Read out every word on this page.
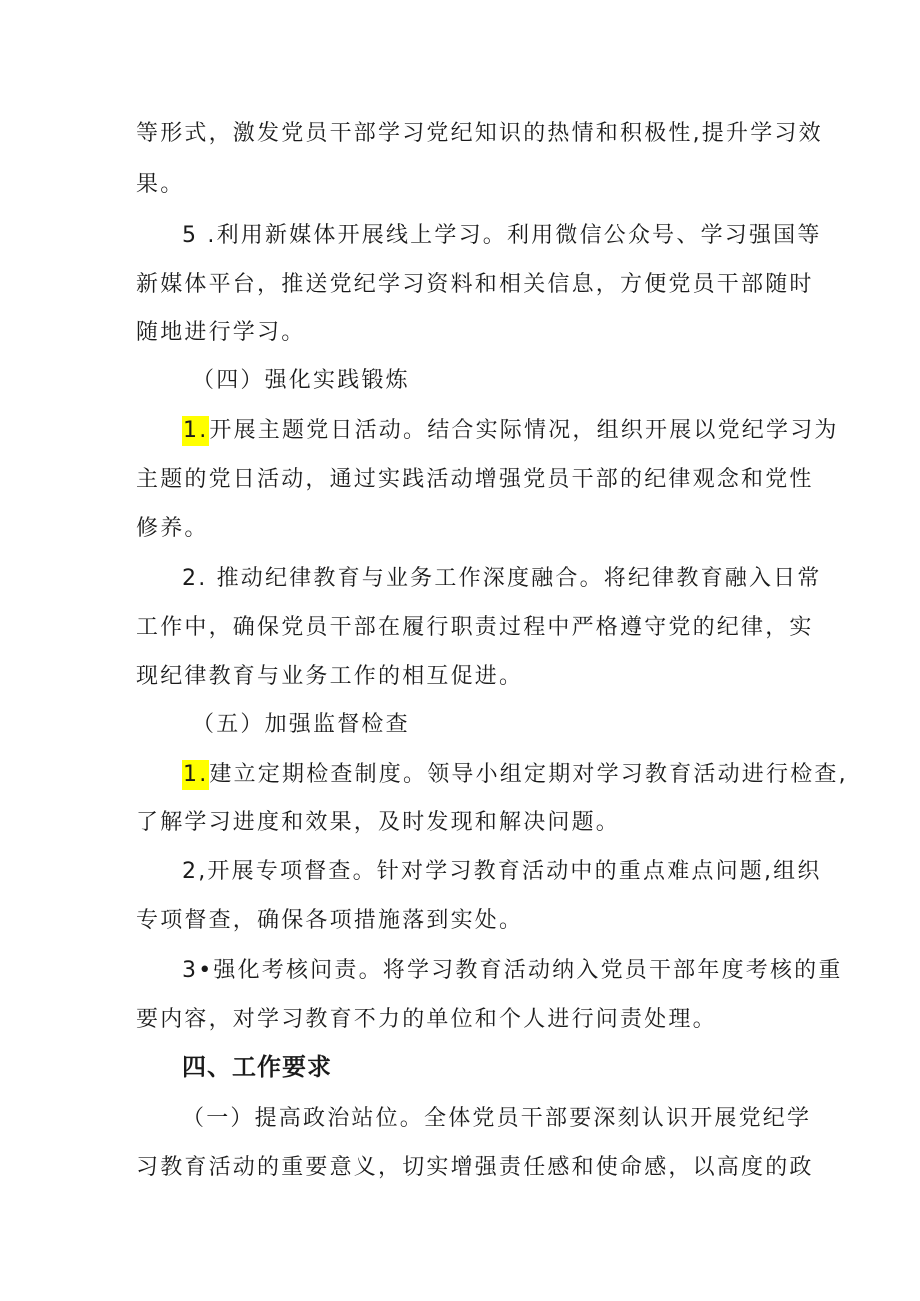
等形式，激发党员干部学习党纪知识的热情和积极性,提升学习效
果。
5 .利用新媒体开展线上学习。利用微信公众号、学习强国等
新媒体平台，推送党纪学习资料和相关信息，方便党员干部随时
随地进行学习。
（四）强化实践锻炼
1.开展主题党日活动。结合实际情况，组织开展以党纪学习为
主题的党日活动，通过实践活动增强党员干部的纪律观念和党性
修养。
2. 推动纪律教育与业务工作深度融合。将纪律教育融入日常
工作中，确保党员干部在履行职责过程中严格遵守党的纪律，实
现纪律教育与业务工作的相互促进。
（五）加强监督检查
1.建立定期检查制度。领导小组定期对学习教育活动进行检查,
了解学习进度和效果，及时发现和解决问题。
2,开展专项督查。针对学习教育活动中的重点难点问题,组织
专项督查，确保各项措施落到实处。
3•强化考核问责。将学习教育活动纳入党员干部年度考核的重
要内容，对学习教育不力的单位和个人进行问责处理。
四、工作要求
（一）提高政治站位。全体党员干部要深刻认识开展党纪学
习教育活动的重要意义，切实增强责任感和使命感，以高度的政
